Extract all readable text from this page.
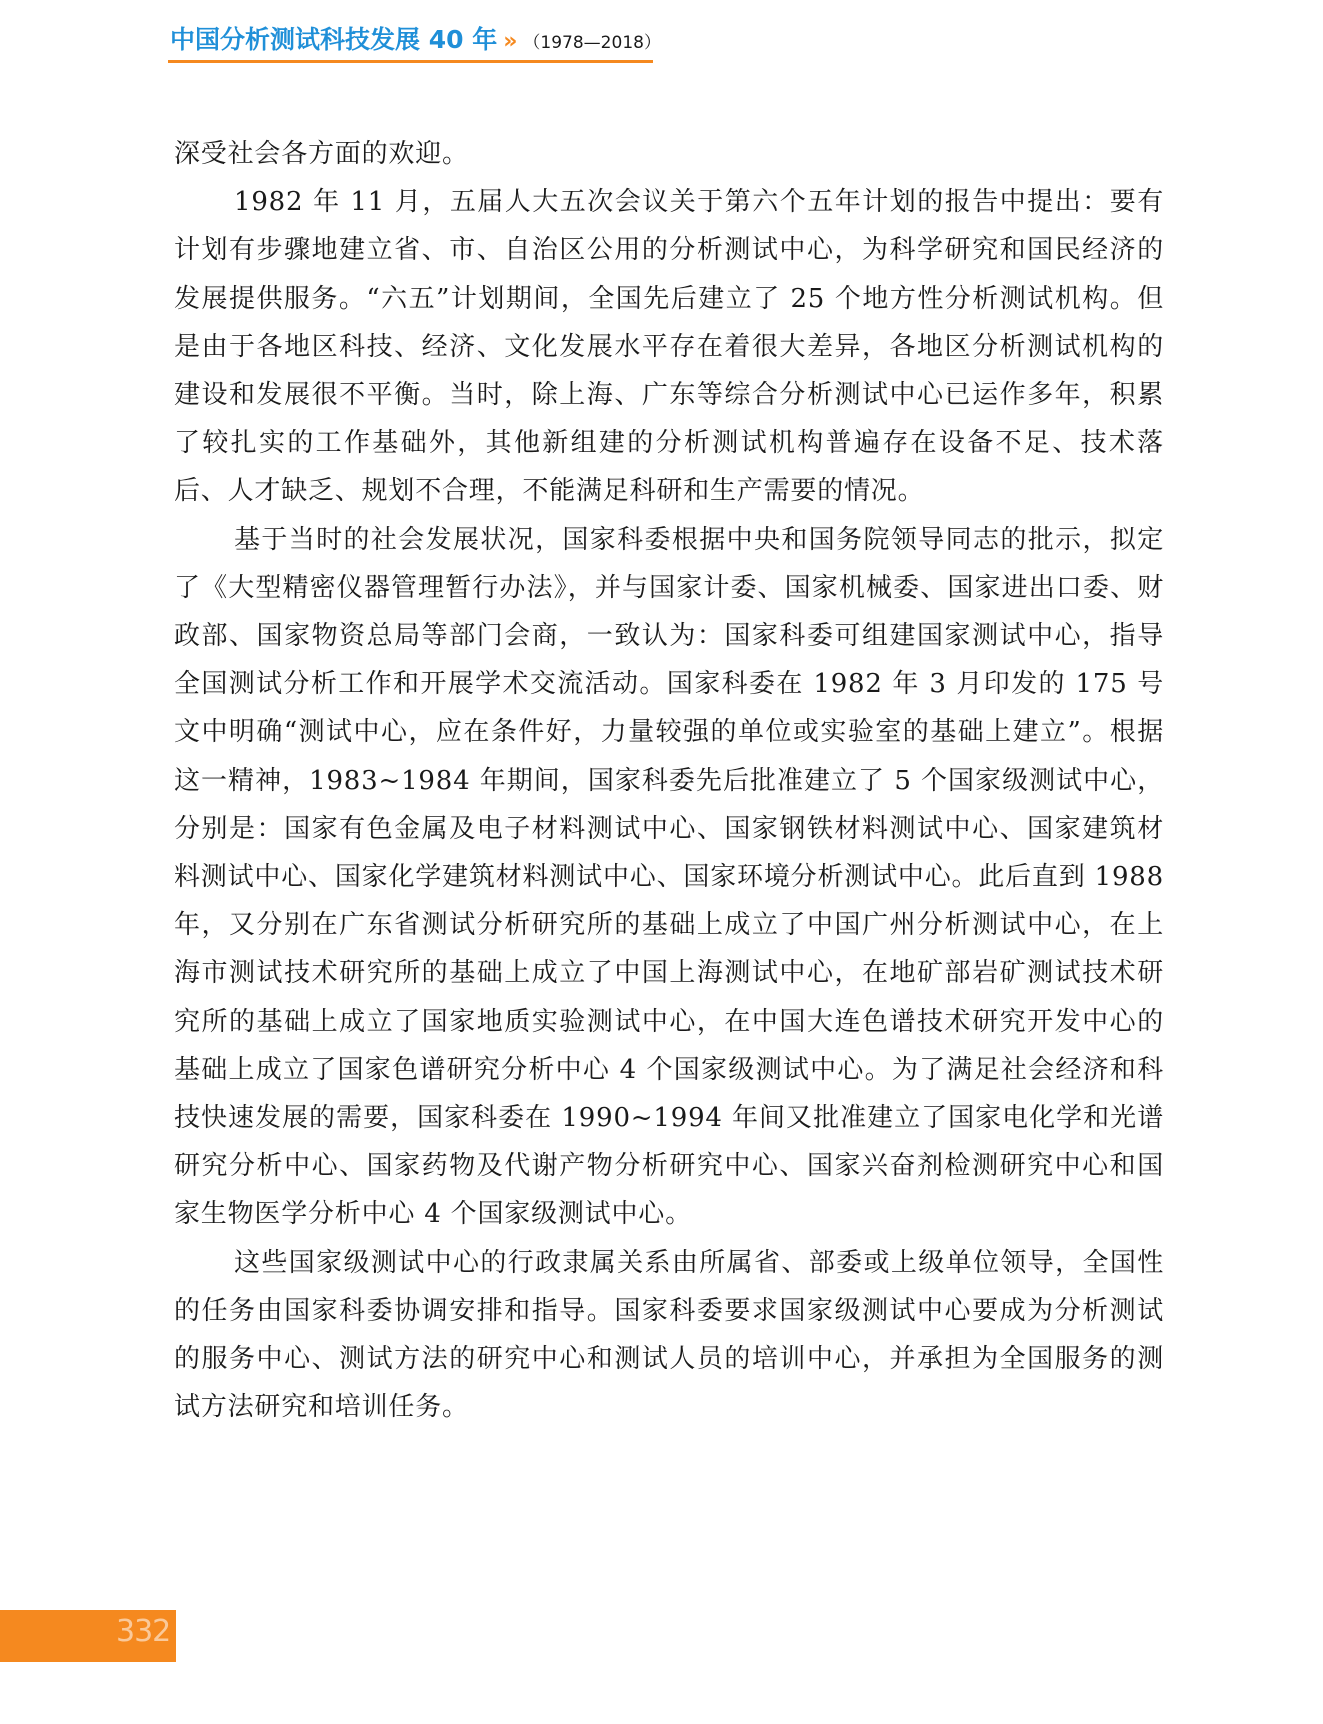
中国分析测试科技发展 40 年 » （1978—2018）

深受社会各方面的欢迎。

1982 年 11 月，五届人大五次会议关于第六个五年计划的报告中提出：要有计划有步骤地建立省、市、自治区公用的分析测试中心，为科学研究和国民经济的发展提供服务。“六五”计划期间，全国先后建立了 25 个地方性分析测试机构。但是由于各地区科技、经济、文化发展水平存在着很大差异，各地区分析测试机构的建设和发展很不平衡。当时，除上海、广东等综合分析测试中心已运作多年，积累了较扎实的工作基础外，其他新组建的分析测试机构普遍存在设备不足、技术落后、人才缺乏、规划不合理，不能满足科研和生产需要的情况。

基于当时的社会发展状况，国家科委根据中央和国务院领导同志的批示，拟定了《大型精密仪器管理暂行办法》，并与国家计委、国家机械委、国家进出口委、财政部、国家物资总局等部门会商，一致认为：国家科委可组建国家测试中心，指导全国测试分析工作和开展学术交流活动。国家科委在 1982 年 3 月印发的 175 号文中明确“测试中心，应在条件好，力量较强的单位或实验室的基础上建立”。根据这一精神，1983~1984 年期间，国家科委先后批准建立了 5 个国家级测试中心，分别是：国家有色金属及电子材料测试中心、国家钢铁材料测试中心、国家建筑材料测试中心、国家化学建筑材料测试中心、国家环境分析测试中心。此后直到 1988 年，又分别在广东省测试分析研究所的基础上成立了中国广州分析测试中心，在上海市测试技术研究所的基础上成立了中国上海测试中心，在地矿部岩矿测试技术研究所的基础上成立了国家地质实验测试中心，在中国大连色谱技术研究开发中心的基础上成立了国家色谱研究分析中心 4 个国家级测试中心。为了满足社会经济和科技快速发展的需要，国家科委在 1990~1994 年间又批准建立了国家电化学和光谱研究分析中心、国家药物及代谢产物分析研究中心、国家兴奋剂检测研究中心和国家生物医学分析中心 4 个国家级测试中心。

这些国家级测试中心的行政隶属关系由所属省、部委或上级单位领导，全国性的任务由国家科委协调安排和指导。国家科委要求国家级测试中心要成为分析测试的服务中心、测试方法的研究中心和测试人员的培训中心，并承担为全国服务的测试方法研究和培训任务。

332
